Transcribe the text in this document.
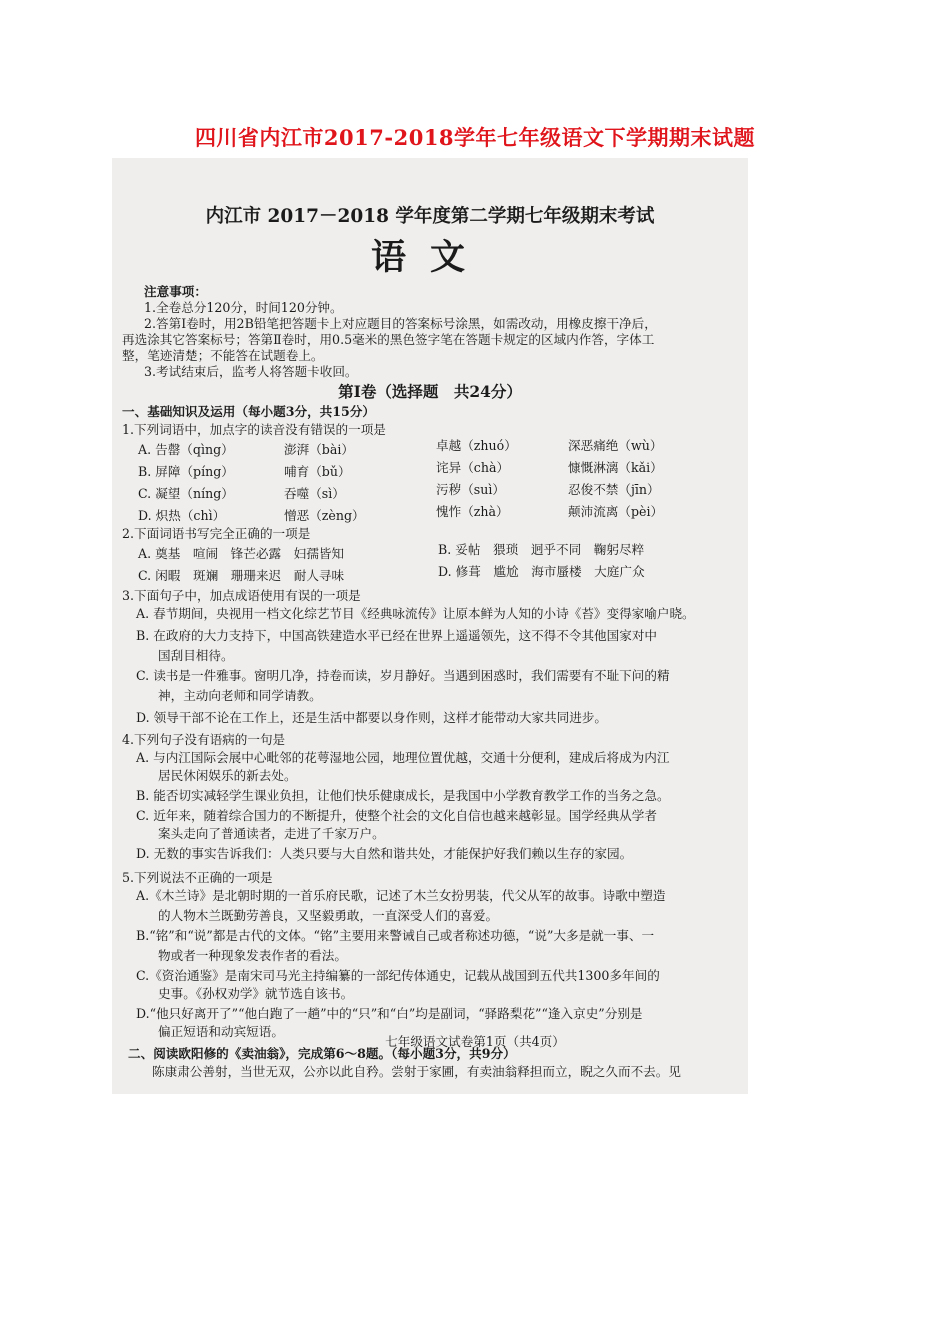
四川省内江市2017-2018学年七年级语文下学期期末试题
内江市 2017－2018 学年度第二学期七年级期末考试
语文
注意事项：
1.全卷总分120分，时间120分钟。
2.答第Ⅰ卷时，用2B铅笔把答题卡上对应题目的答案标号涂黑，如需改动，用橡皮擦干净后，
再选涂其它答案标号；答第Ⅱ卷时，用0.5毫米的黑色签字笔在答题卡规定的区域内作答，字体工
整，笔迹清楚；不能答在试题卷上。
3.考试结束后，监考人将答题卡收回。
第Ⅰ卷（选择题　共24分）
一、基础知识及运用（每小题3分，共15分）
1.下列词语中，加点字的读音没有错误的一项是
A. 告罄（qìng）	澎湃（bài）	卓越（zhuó）	深恶痛绝（wù）
B. 屏障（píng）	哺育（bǔ）	诧异（chà）	慷慨淋漓（kǎi）
C. 凝望（níng）	吞噬（sì）	污秽（suì）	忍俊不禁（jīn）
D. 炽热（chì）	憎恶（zèng）	愧怍（zhà）	颠沛流离（pèi）
2.下面词语书写完全正确的一项是
A. 奠基　喧闹　锋芒必露　妇孺皆知	B. 妥帖　猥琐　迥乎不同　鞠躬尽粹
C. 闲暇　斑斓　珊珊来迟　耐人寻味	D. 修葺　尴尬　海市蜃楼　大庭广众
3.下面句子中，加点成语使用有误的一项是
A. 春节期间，央视用一档文化综艺节目《经典咏流传》让原本鲜为人知的小诗《苔》变得家喻户晓。
B. 在政府的大力支持下，中国高铁建造水平已经在世界上遥遥领先，这不得不令其他国家对中
国刮目相待。
C. 读书是一件雅事。窗明几净，持卷而读，岁月静好。当遇到困惑时，我们需要有不耻下问的精
神，主动向老师和同学请教。
D. 领导干部不论在工作上，还是生活中都要以身作则，这样才能带动大家共同进步。
4.下列句子没有语病的一句是
A. 与内江国际会展中心毗邻的花萼湿地公园，地理位置优越，交通十分便利，建成后将成为内江
居民休闲娱乐的新去处。
B. 能否切实减轻学生课业负担，让他们快乐健康成长，是我国中小学教育教学工作的当务之急。
C. 近年来，随着综合国力的不断提升，使整个社会的文化自信也越来越彰显。国学经典从学者
案头走向了普通读者，走进了千家万户。
D. 无数的事实告诉我们：人类只要与大自然和谐共处，才能保护好我们赖以生存的家园。
5.下列说法不正确的一项是
A.《木兰诗》是北朝时期的一首乐府民歌，记述了木兰女扮男装，代父从军的故事。诗歌中塑造
的人物木兰既勤劳善良，又坚毅勇敢，一直深受人们的喜爱。
B.“铭”和“说”都是古代的文体。“铭”主要用来警诫自己或者称述功德，“说”大多是就一事、一
物或者一种现象发表作者的看法。
C.《资治通鉴》是南宋司马光主持编纂的一部纪传体通史，记载从战国到五代共1300多年间的
史事。《孙权劝学》就节选自该书。
D.“他只好离开了”“他白跑了一趟”中的“只”和“白”均是副词，“驿路梨花”“逢入京史”分别是
偏正短语和动宾短语。
二、阅读欧阳修的《卖油翁》，完成第6～8题。（每小题3分，共9分）
陈康肃公善射，当世无双，公亦以此自矜。尝射于家圃，有卖油翁释担而立，睨之久而不去。见
七年级语文试卷第1页（共4页）
